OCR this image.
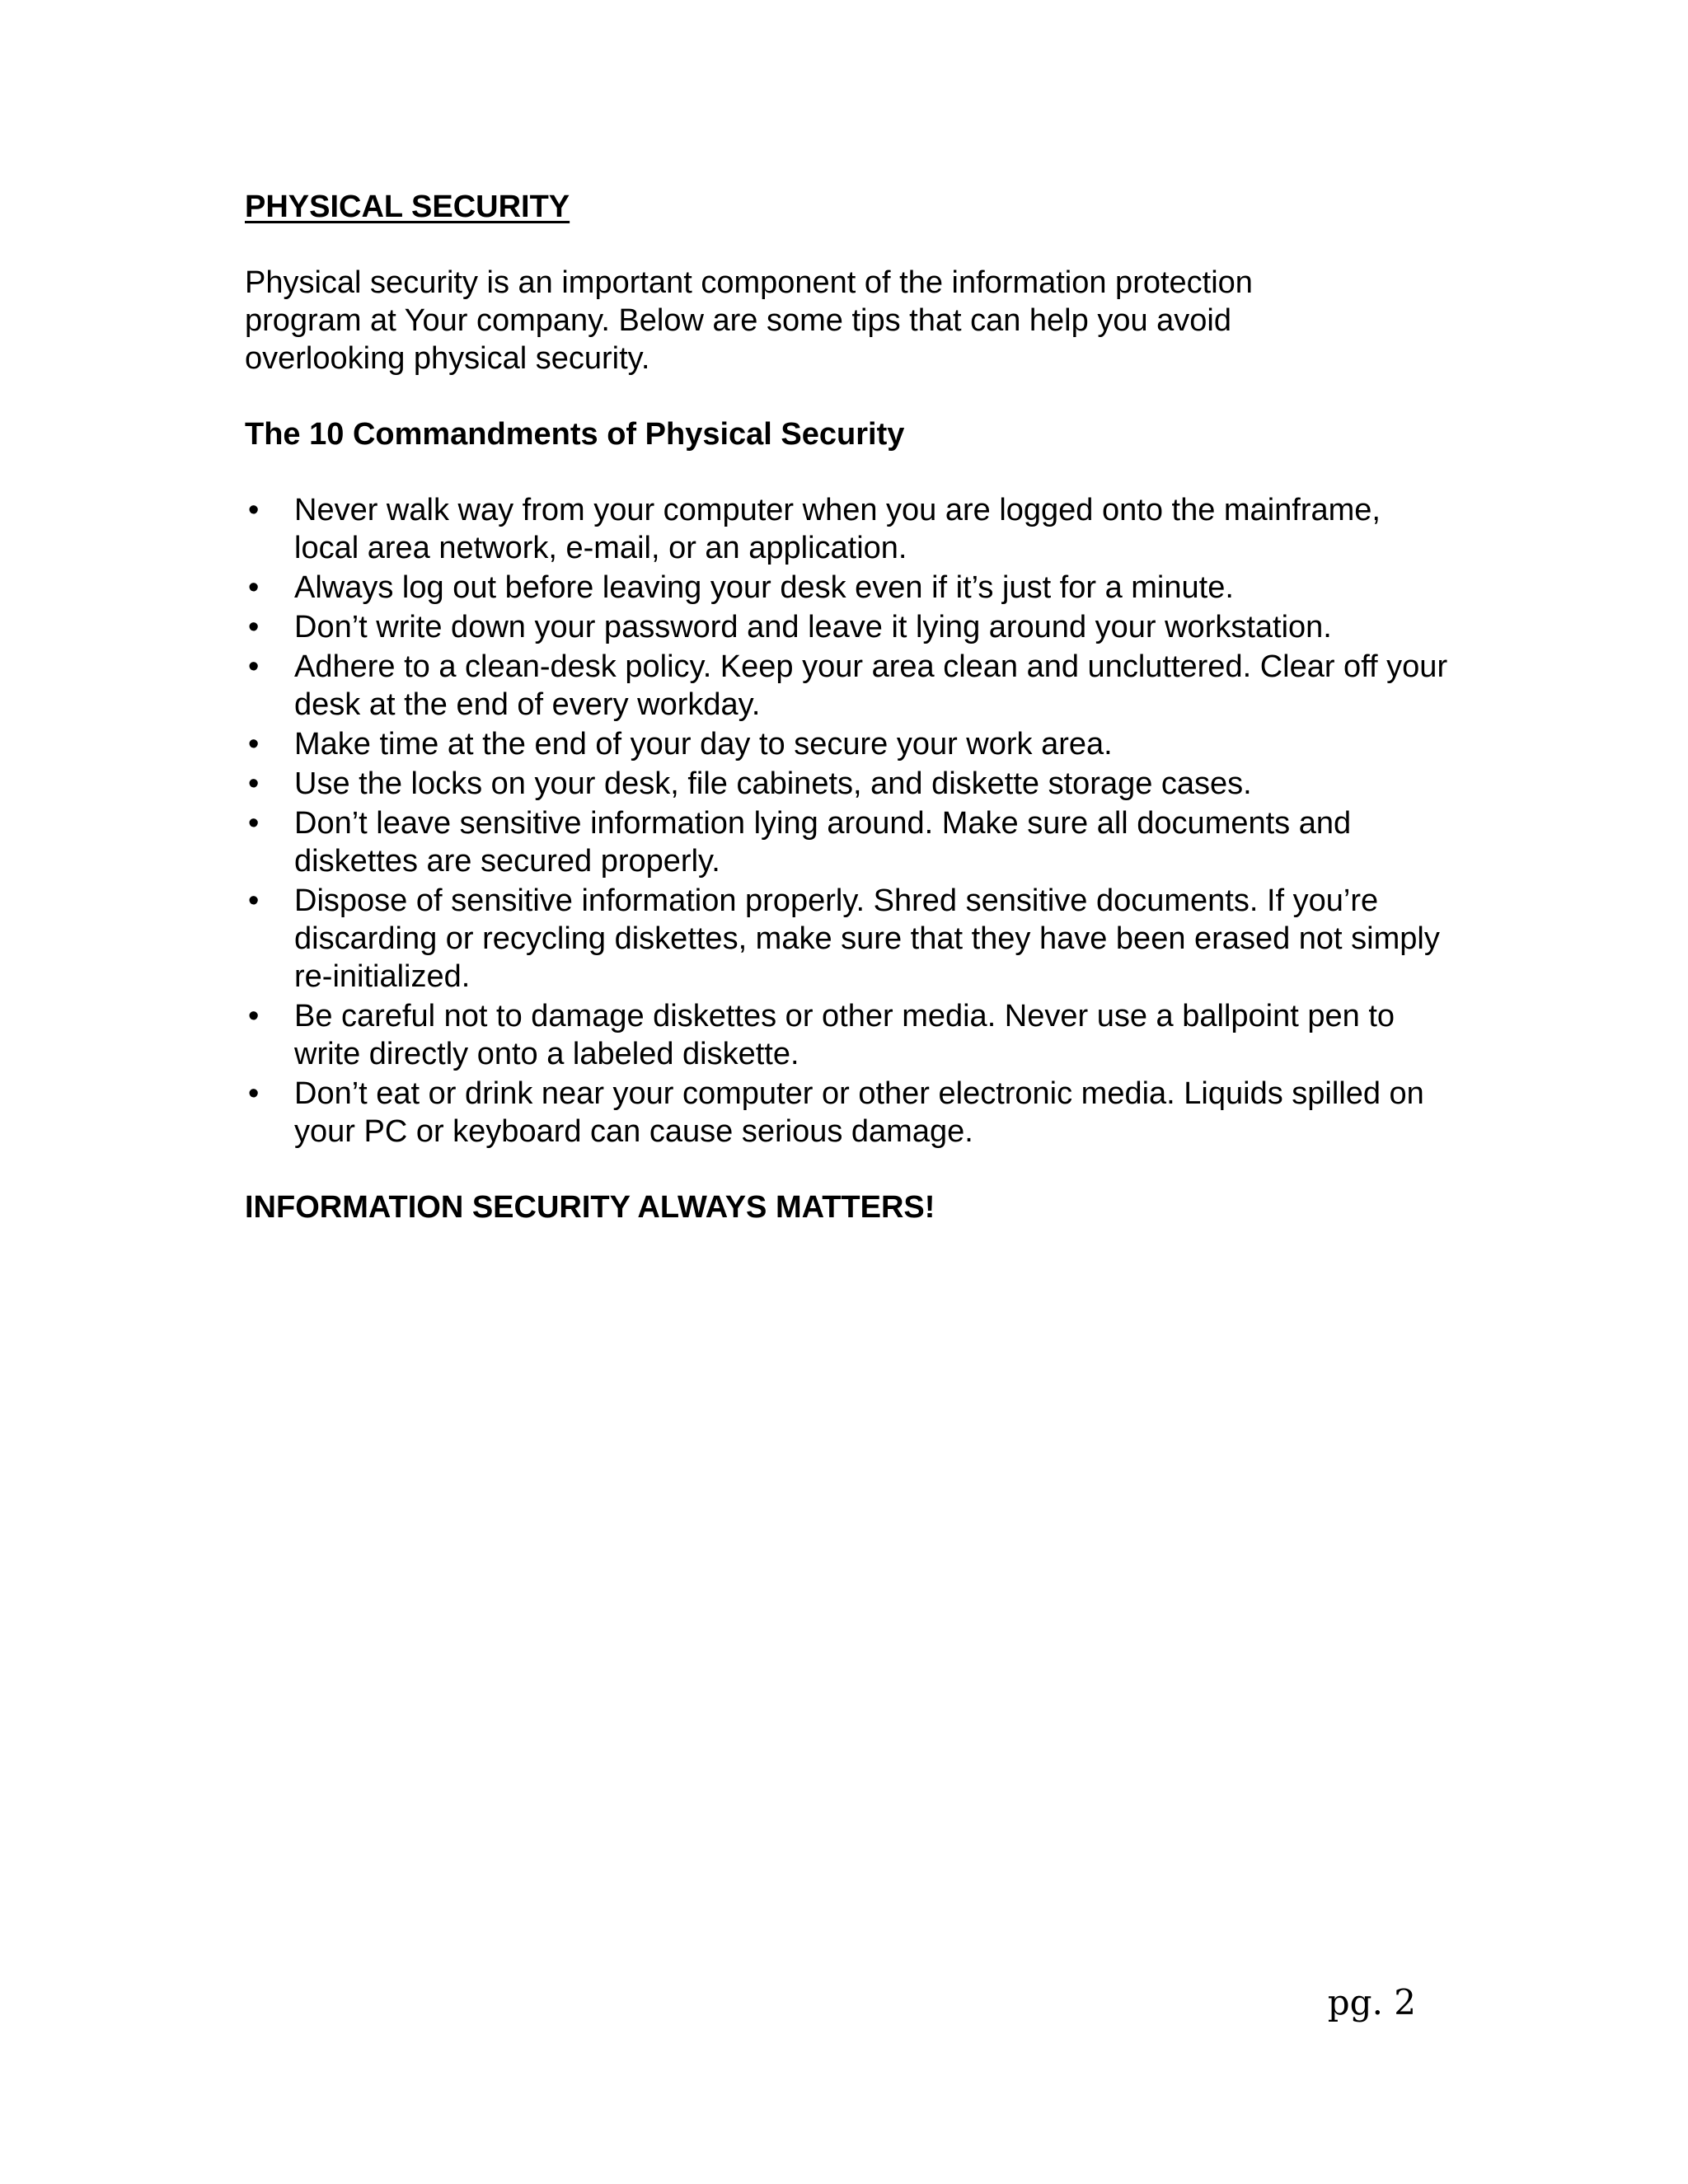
PHYSICAL SECURITY

Physical security is an important component of the information protection program at Your company. Below are some tips that can help you avoid overlooking physical security.

The 10 Commandments of Physical Security
•	Never walk way from your computer when you are logged onto the mainframe, local area network, e-mail, or an application.
•	Always log out before leaving your desk even if it’s just for a minute.
•	Don’t write down your password and leave it lying around your workstation.
•	Adhere to a clean-desk policy. Keep your area clean and uncluttered. Clear off your desk at the end of every workday.
•	Make time at the end of your day to secure your work area.
•	Use the locks on your desk, file cabinets, and diskette storage cases.
•	Don’t leave sensitive information lying around. Make sure all documents and diskettes are secured properly.
•	Dispose of sensitive information properly. Shred sensitive documents. If you’re discarding or recycling diskettes, make sure that they have been erased not simply re-initialized.
•	Be careful not to damage diskettes or other media. Never use a ballpoint pen to write directly onto a labeled diskette.
•	Don’t eat or drink near your computer or other electronic media. Liquids spilled on your PC or keyboard can cause serious damage.

INFORMATION SECURITY ALWAYS MATTERS!

pg. 2
